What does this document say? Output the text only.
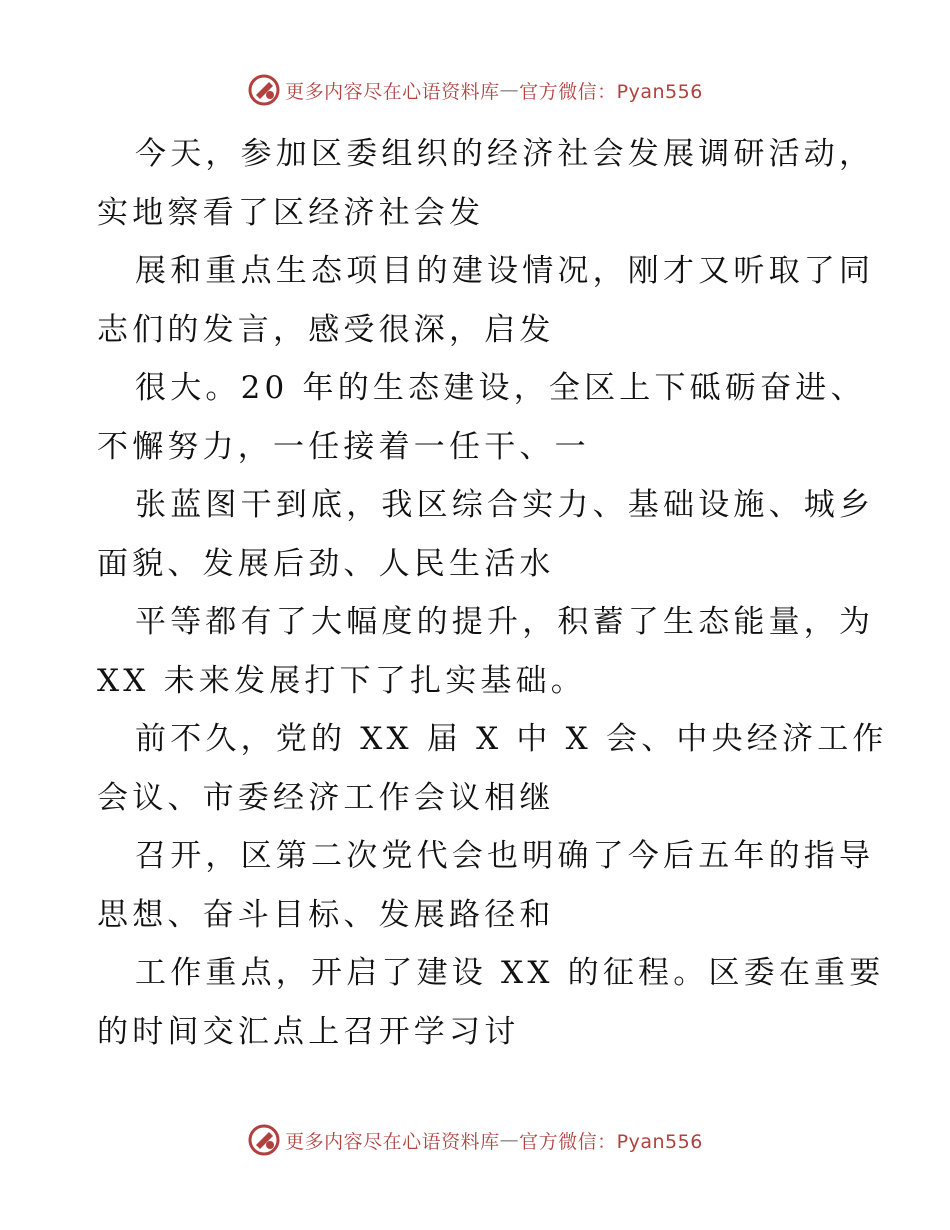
更多内容尽在心语资料库 — 官方微信：Pyan556
今天，参加区委组织的经济社会发展调研活动，
实地察看了区经济社会发
展和重点生态项目的建设情况，刚才又听取了同
志们的发言，感受很深，启发
很大。20 年的生态建设，全区上下砥砺奋进、
不懈努力，一任接着一任干、一
张蓝图干到底，我区综合实力、基础设施、城乡
面貌、发展后劲、人民生活水
平等都有了大幅度的提升，积蓄了生态能量，为
XX 未来发展打下了扎实基础。
前不久，党的 XX 届 X 中 X 会、中央经济工作
会议、市委经济工作会议相继
召开，区第二次党代会也明确了今后五年的指导
思想、奋斗目标、发展路径和
工作重点，开启了建设 XX 的征程。区委在重要
的时间交汇点上召开学习讨
更多内容尽在心语资料库 — 官方微信：Pyan556
